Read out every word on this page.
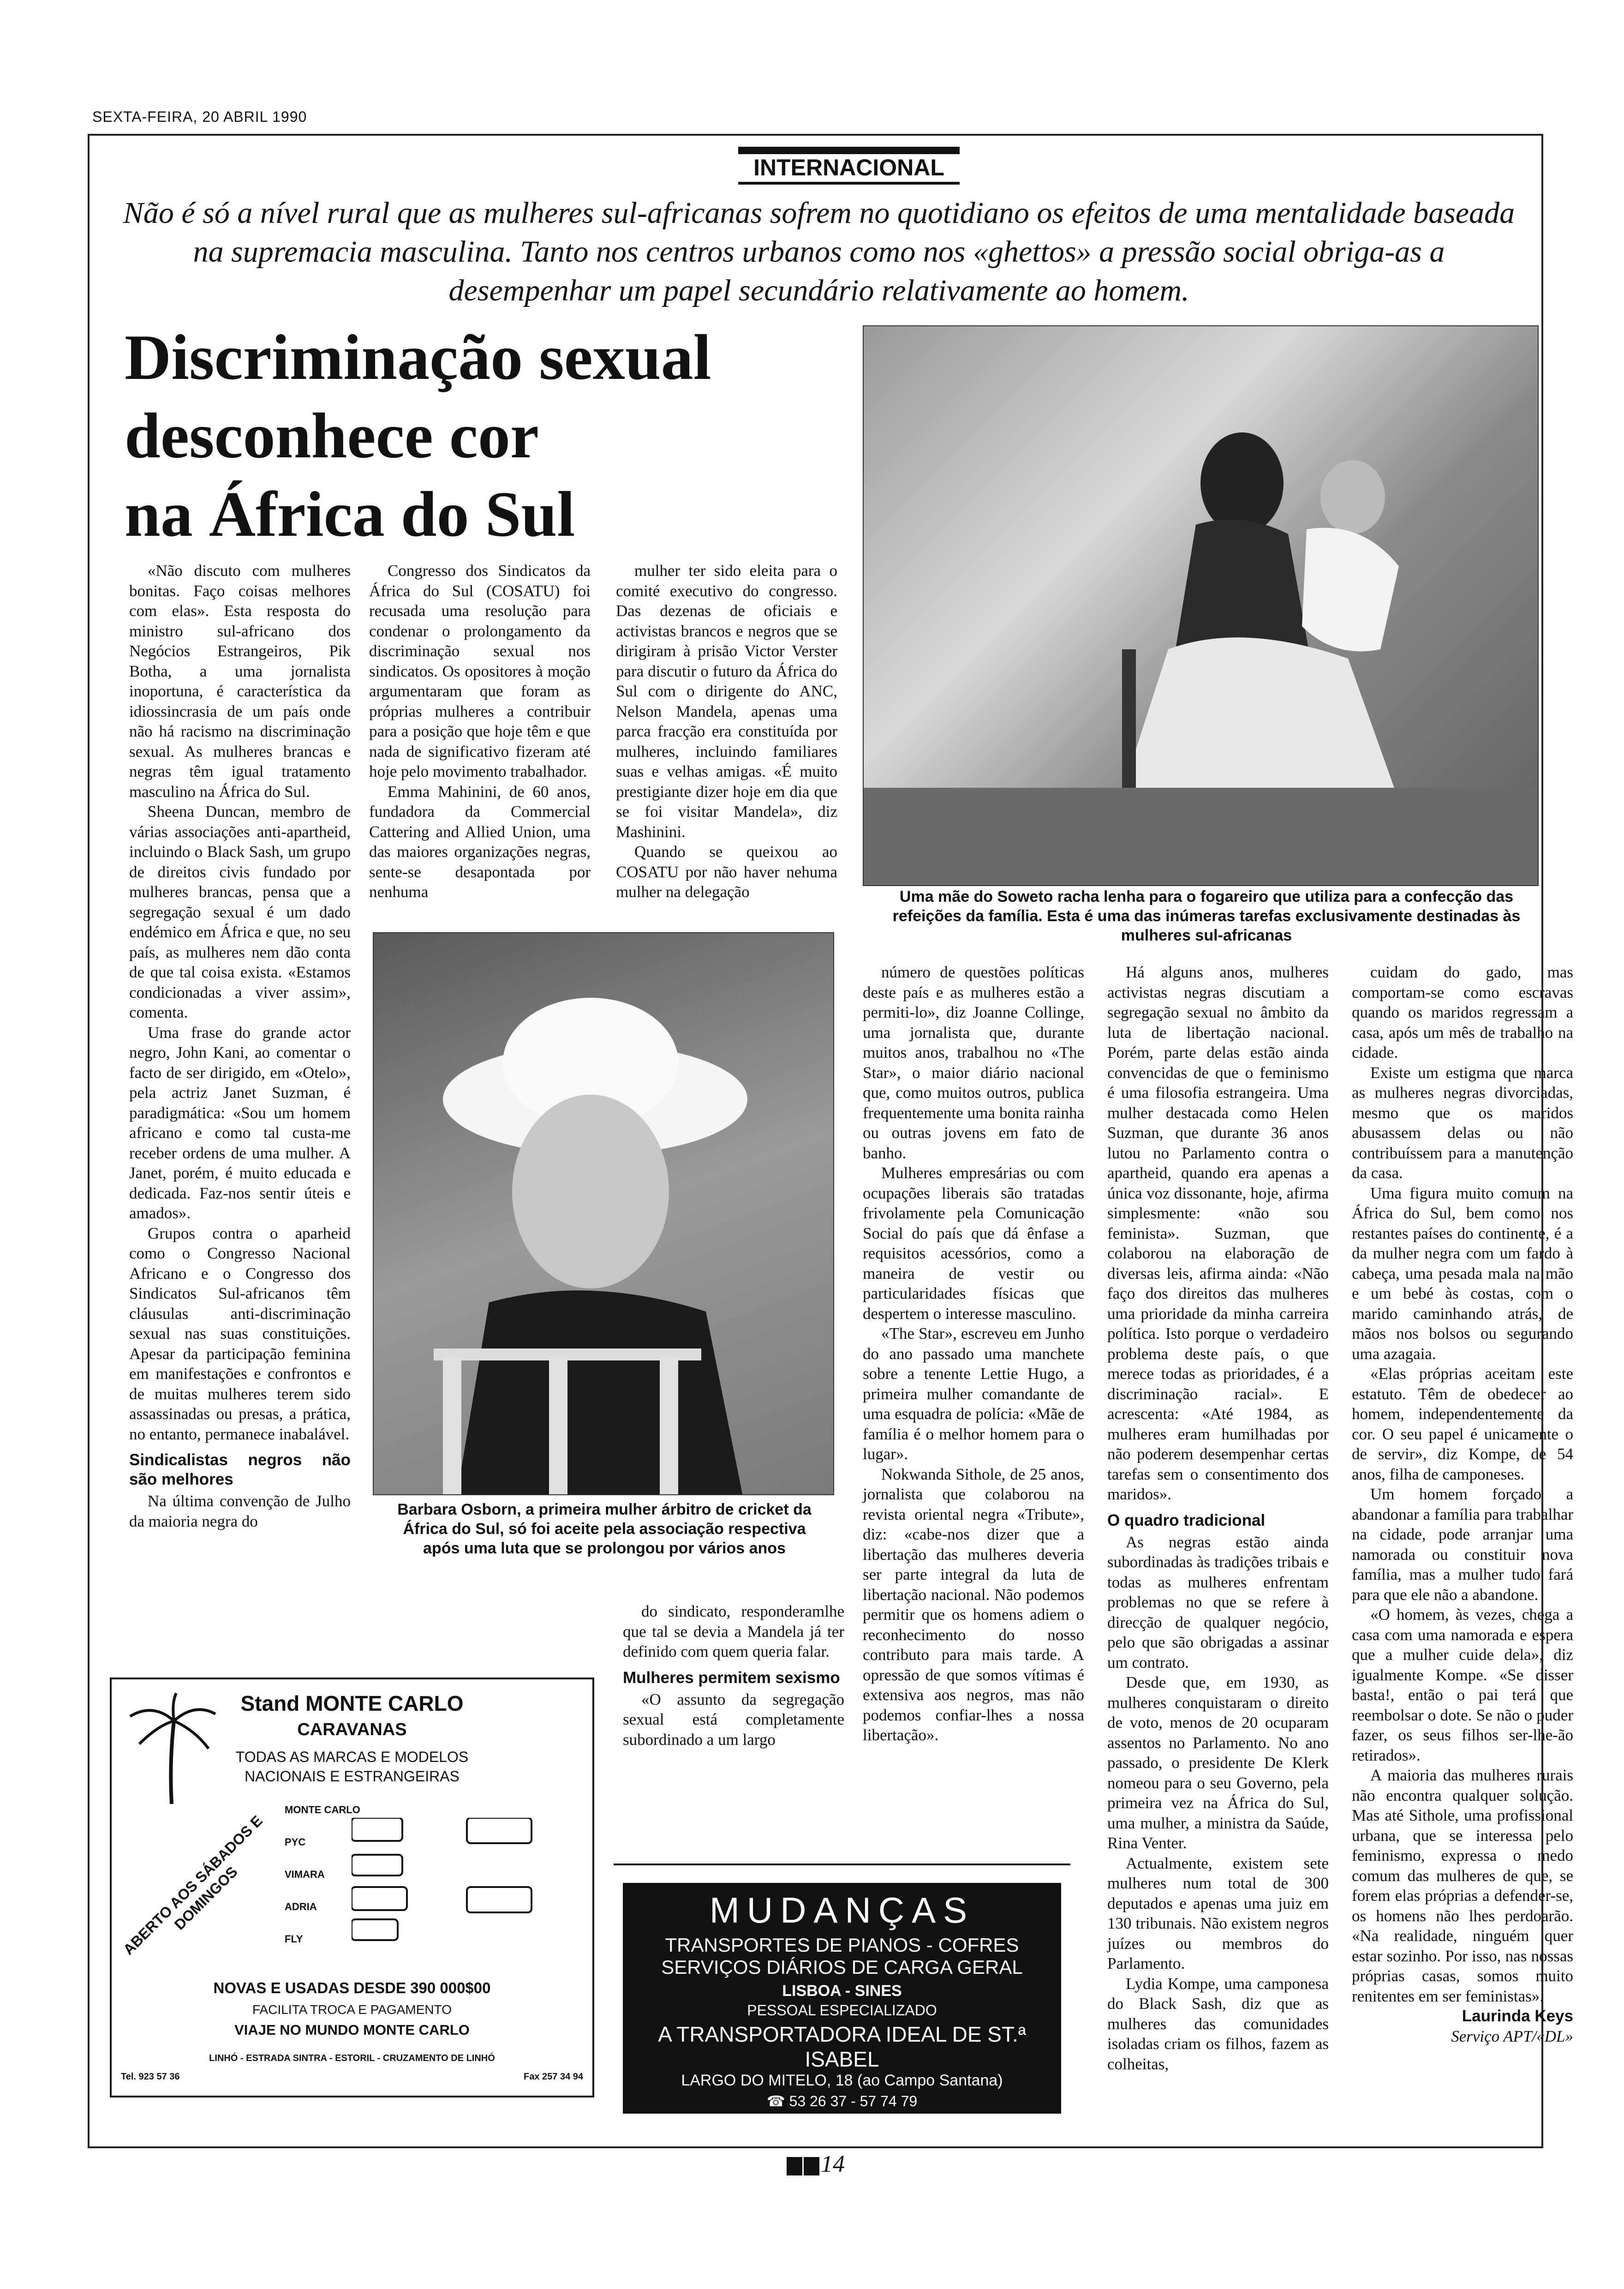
SEXTA-FEIRA, 20 ABRIL 1990
INTERNACIONAL
Não é só a nível rural que as mulheres sul-africanas sofrem no quotidiano os efeitos de uma mentalidade baseada na supremacia masculina. Tanto nos centros urbanos como nos «ghettos» a pressão social obriga-as a desempenhar um papel secundário relativamente ao homem.
Discriminação sexual
desconhece cor
na África do Sul
Uma mãe do Soweto racha lenha para o fogareiro que utiliza para a confecção das refeições da família. Esta é uma das inúmeras tarefas exclusivamente destinadas às mulheres sul-africanas
Barbara Osborn, a primeira mulher árbitro de cricket da África do Sul, só foi aceite pela associação respectiva após uma luta que se prolongou por vários anos

«Não discuto com mulheres bonitas. Faço coisas melhores com elas». Esta resposta do ministro sul-africano dos Negócios Estrangeiros, Pik Botha, a uma jornalista inoportuna, é característica da idiossincrasia de um país onde não há racismo na discriminação sexual. As mulheres brancas e negras têm igual tratamento masculino na África do Sul.

Sheena Duncan, membro de várias associações anti-apartheid, incluindo o Black Sash, um grupo de direitos civis fundado por mulheres brancas, pensa que a segregação sexual é um dado endémico em África e que, no seu país, as mulheres nem dão conta de que tal coisa exista. «Estamos condicionadas a viver assim», comenta.

Uma frase do grande actor negro, John Kani, ao comentar o facto de ser dirigido, em «Otelo», pela actriz Janet Suzman, é paradigmática: «Sou um homem africano e como tal custa-me receber ordens de uma mulher. A Janet, porém, é muito educada e dedicada. Faz-nos sentir úteis e amados».

Grupos contra o aparheid como o Congresso Nacional Africano e o Congresso dos Sindicatos Sul-africanos têm cláusulas anti-discriminação sexual nas suas constituições. Apesar da participação feminina em manifestações e confrontos e de muitas mulheres terem sido assassinadas ou presas, a prática, no entanto, permanece inabalável.

Sindicalistas negros não são melhores

Na última convenção de Julho da maioria negra do

Congresso dos Sindicatos da África do Sul (COSATU) foi recusada uma resolução para condenar o prolongamento da discriminação sexual nos sindicatos. Os opositores à moção argumentaram que foram as próprias mulheres a contribuir para a posição que hoje têm e que nada de significativo fizeram até hoje pelo movimento trabalhador.

Emma Mahinini, de 60 anos, fundadora da Commercial Cattering and Allied Union, uma das maiores organizações negras, sente-se desapontada por nenhuma

mulher ter sido eleita para o comité executivo do congresso. Das dezenas de oficiais e activistas brancos e negros que se dirigiram à prisão Victor Verster para discutir o futuro da África do Sul com o dirigente do ANC, Nelson Mandela, apenas uma parca fracção era constituída por mulheres, incluindo familiares suas e velhas amigas. «É muito prestigiante dizer hoje em dia que se foi visitar Mandela», diz Mashinini.

Quando se queixou ao COSATU por não haver nehuma mulher na delegação

do sindicato, responderamlhe que tal se devia a Mandela já ter definido com quem queria falar.

Mulheres permitem sexismo

«O assunto da segregação sexual está completamente subordinado a um largo

número de questões políticas deste país e as mulheres estão a permiti-lo», diz Joanne Collinge, uma jornalista que, durante muitos anos, trabalhou no «The Star», o maior diário nacional que, como muitos outros, publica frequentemente uma bonita rainha ou outras jovens em fato de banho.

Mulheres empresárias ou com ocupações liberais são tratadas frivolamente pela Comunicação Social do país que dá ênfase a requisitos acessórios, como a maneira de vestir ou particularidades físicas que despertem o interesse masculino.

«The Star», escreveu em Junho do ano passado uma manchete sobre a tenente Lettie Hugo, a primeira mulher comandante de uma esquadra de polícia: «Mãe de família é o melhor homem para o lugar».

Nokwanda Sithole, de 25 anos, jornalista que colaborou na revista oriental negra «Tribute», diz: «cabe-nos dizer que a libertação das mulheres deveria ser parte integral da luta de libertação nacional. Não podemos permitir que os homens adiem o reconhecimento do nosso contributo para mais tarde. A opressão de que somos vítimas é extensiva aos negros, mas não podemos confiar-lhes a nossa libertação».

Há alguns anos, mulheres activistas negras discutiam a segregação sexual no âmbito da luta de libertação nacional. Porém, parte delas estão ainda convencidas de que o feminismo é uma filosofia estrangeira. Uma mulher destacada como Helen Suzman, que durante 36 anos lutou no Parlamento contra o apartheid, quando era apenas a única voz dissonante, hoje, afirma simplesmente: «não sou feminista». Suzman, que colaborou na elaboração de diversas leis, afirma ainda: «Não faço dos direitos das mulheres uma prioridade da minha carreira política. Isto porque o verdadeiro problema deste país, o que merece todas as prioridades, é a discriminação racial». E acrescenta: «Até 1984, as mulheres eram humilhadas por não poderem desempenhar certas tarefas sem o consentimento dos maridos».

O quadro tradicional

As negras estão ainda subordinadas às tradições tribais e todas as mulheres enfrentam problemas no que se refere à direcção de qualquer negócio, pelo que são obrigadas a assinar um contrato.

Desde que, em 1930, as mulheres conquistaram o direito de voto, menos de 20 ocuparam assentos no Parlamento. No ano passado, o presidente De Klerk nomeou para o seu Governo, pela primeira vez na África do Sul, uma mulher, a ministra da Saúde, Rina Venter.

Actualmente, existem sete mulheres num total de 300 deputados e apenas uma juiz em 130 tribunais. Não existem negros juízes ou membros do Parlamento.

Lydia Kompe, uma camponesa do Black Sash, diz que as mulheres das comunidades isoladas criam os filhos, fazem as colheitas,

cuidam do gado, mas comportam-se como escravas quando os maridos regressam a casa, após um mês de trabalho na cidade.

Existe um estigma que marca as mulheres negras divorciadas, mesmo que os maridos abusassem delas ou não contribuíssem para a manutenção da casa.

Uma figura muito comum na África do Sul, bem como nos restantes países do continente, é a da mulher negra com um fardo à cabeça, uma pesada mala na mão e um bebé às costas, com o marido caminhando atrás, de mãos nos bolsos ou segurando uma azagaia.

«Elas próprias aceitam este estatuto. Têm de obedecer ao homem, independentemente da cor. O seu papel é unicamente o de servir», diz Kompe, de 54 anos, filha de camponeses.

Um homem forçado a abandonar a família para trabalhar na cidade, pode arranjar uma namorada ou constituir nova família, mas a mulher tudo fará para que ele não a abandone.

«O homem, às vezes, chega a casa com uma namorada e espera que a mulher cuide dela», diz igualmente Kompe. «Se disser basta!, então o pai terá que reembolsar o dote. Se não o puder fazer, os seus filhos ser-lhe-ão retirados».

A maioria das mulheres rurais não encontra qualquer solução. Mas até Sithole, uma profissional urbana, que se interessa pelo feminismo, expressa o medo comum das mulheres de que, se forem elas próprias a defender-se, os homens não lhes perdoarão. «Na realidade, ninguém quer estar sozinho. Por isso, nas nossas próprias casas, somos muito renitentes em ser feministas».

Laurinda Keys
Serviço APT/«DL»
Stand MONTE CARLO
CARAVANAS
TODAS AS MARCAS E MODELOS
NACIONAIS E ESTRANGEIRAS
ABERTO AOS SÁBADOS E DOMINGOS
MONTE CARLO
PYC
VIMARA
ADRIA
FLY
NOVAS E USADAS DESDE 390 000$00
FACILITA TROCA E PAGAMENTO
VIAJE NO MUNDO MONTE CARLO
LINHÓ - ESTRADA SINTRA - ESTORIL - CRUZAMENTO DE LINHÓ
Tel. 923 57 36	Fax 257 34 94
MUDANÇAS
TRANSPORTES DE PIANOS - COFRES
SERVIÇOS DIÁRIOS DE CARGA GERAL
LISBOA - SINES
PESSOAL ESPECIALIZADO
A TRANSPORTADORA IDEAL DE ST.ª ISABEL
LARGO DO MITELO, 18 (ao Campo Santana)
☎ 53 26 37 - 57 74 79
14
